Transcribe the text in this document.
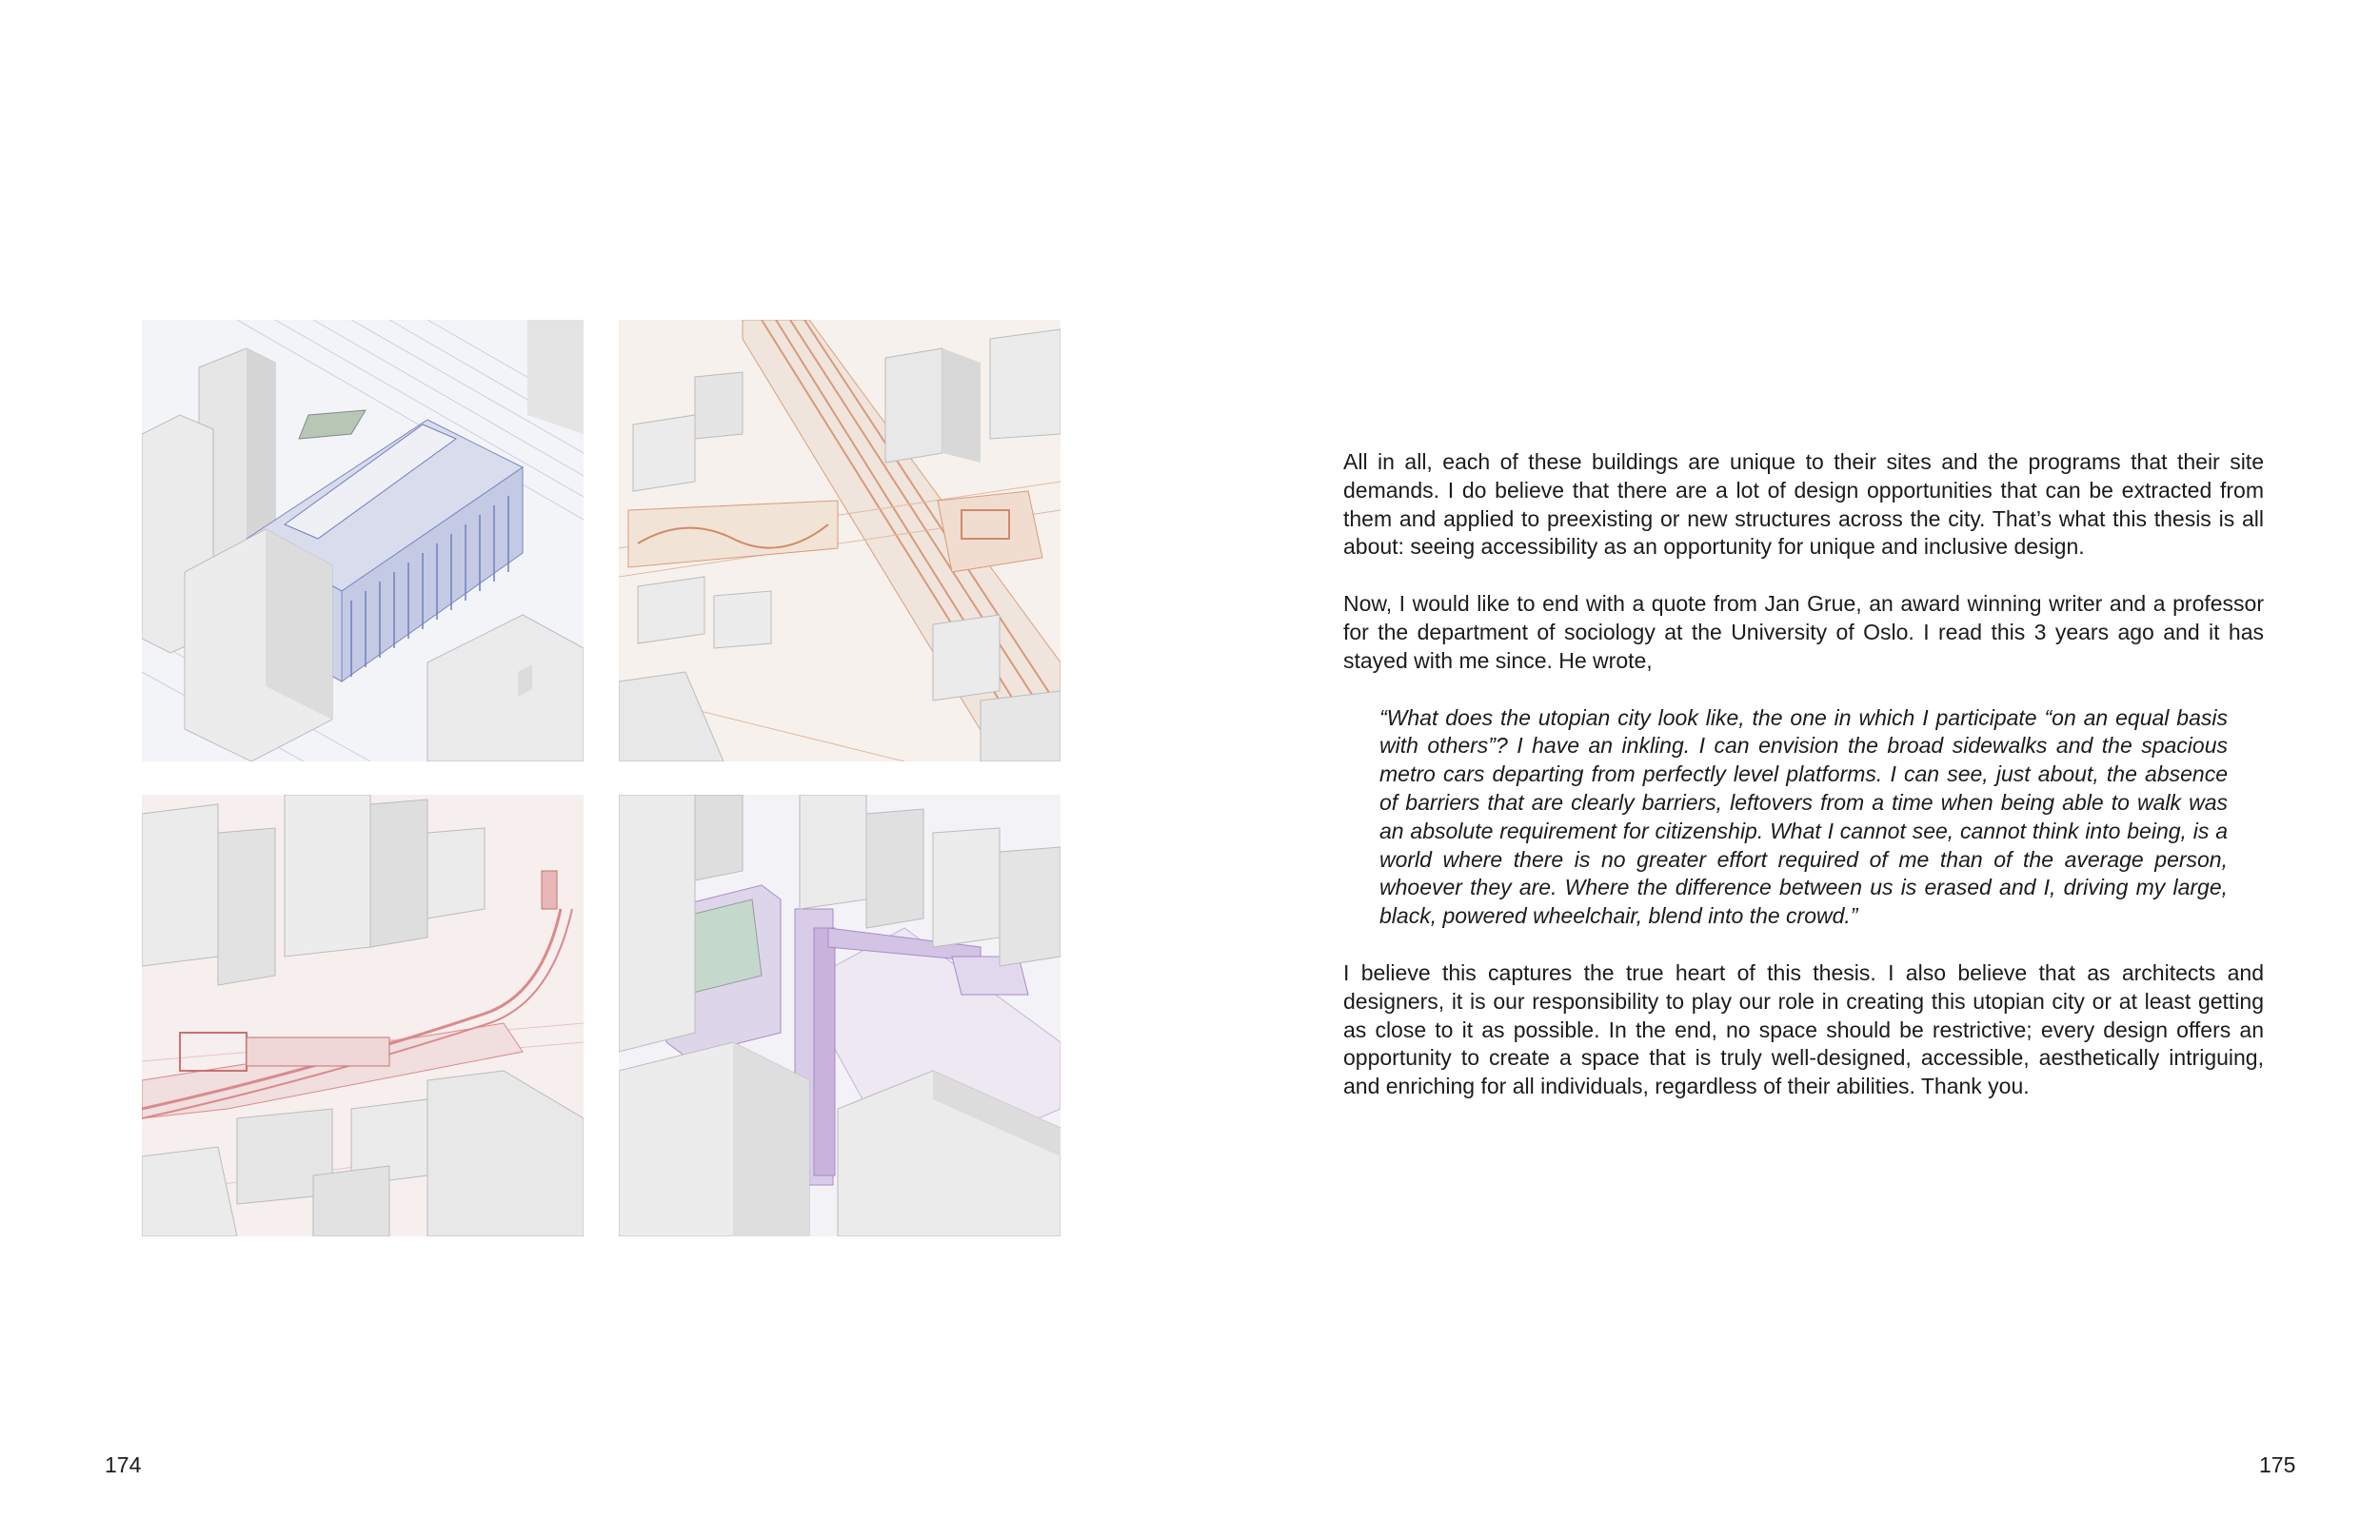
174

All in all, each of these buildings are unique to their sites and the programs that their site demands. I do believe that there are a lot of design opportunities that can be extracted from them and applied to preexisting or new structures across the city. That’s what this thesis is all about: seeing accessibility as an opportunity for unique and inclusive design.

Now, I would like to end with a quote from Jan Grue, an award winning writer and a professor for the department of sociology at the University of Oslo. I read this 3 years ago and it has stayed with me since. He wrote,

“What does the utopian city look like, the one in which I participate “on an equal basis with others”? I have an inkling. I can envision the broad sidewalks and the spacious metro cars departing from perfectly level platforms. I can see, just about, the absence of barriers that are clearly barriers, leftovers from a time when being able to walk was an absolute requirement for citizenship. What I cannot see, cannot think into being, is a world where there is no greater effort required of me than of the average person, whoever they are. Where the difference between us is erased and I, driving my large, black, powered wheelchair, blend into the crowd.”

I believe this captures the true heart of this thesis. I also believe that as architects and designers, it is our responsibility to play our role in creating this utopian city or at least getting as close to it as possible. In the end, no space should be restrictive; every design offers an opportunity to create a space that is truly well-designed, accessible, aesthetically intriguing, and enriching for all individuals, regardless of their abilities. Thank you.

175
